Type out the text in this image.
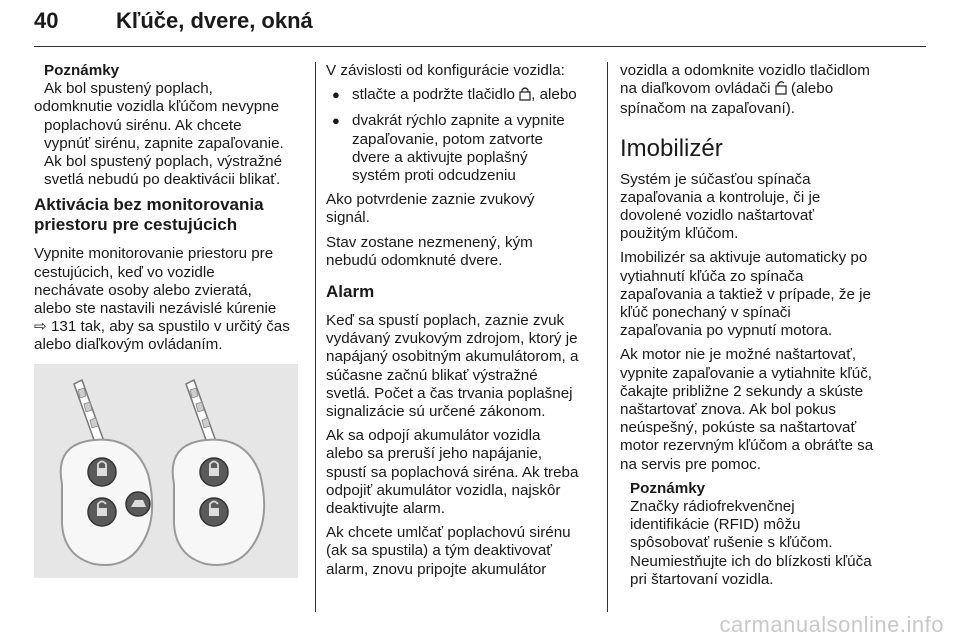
40	Kľúče, dvere, okná
Poznámky
Ak bol spustený poplach,
odomknutie vozidla kľúčom nevypne
poplachovú sirénu. Ak chcete
vypnúť sirénu, zapnite zapaľovanie.
Ak bol spustený poplach, výstražné
svetlá nebudú po deaktivácii blikať.
Aktivácia bez monitorovania
priestoru pre cestujúcich

Vypnite monitorovanie priestoru pre
cestujúcich, keď vo vozidle
nechávate osoby alebo zvieratá,
alebo ste nastavili nezávislé kúrenie
⇨ 131 tak, aby sa spustilo v určitý čas
alebo diaľkovým ovládaním.

V závislosti od konfigurácie vozidla:

● stlačte a podržte tlačidlo , alebo
● dvakrát rýchlo zapnite a vypnite
zapaľovanie, potom zatvorte
dvere a aktivujte poplašný
systém proti odcudzeniu

Ako potvrdenie zaznie zvukový
signál.

Stav zostane nezmenený, kým
nebudú odomknuté dvere.

Alarm

Keď sa spustí poplach, zaznie zvuk
vydávaný zvukovým zdrojom, ktorý je
napájaný osobitným akumulátorom, a
súčasne začnú blikať výstražné
svetlá. Počet a čas trvania poplašnej
signalizácie sú určené zákonom.

Ak sa odpojí akumulátor vozidla
alebo sa preruší jeho napájanie,
spustí sa poplachová siréna. Ak treba
odpojiť akumulátor vozidla, najskôr
deaktivujte alarm.

Ak chcete umlčať poplachovú sirénu
(ak sa spustila) a tým deaktivovať
alarm, znovu pripojte akumulátor

vozidla a odomknite vozidlo tlačidlom
na diaľkovom ovládači  (alebo
spínačom na zapaľovaní).

Imobilizér

Systém je súčasťou spínača
zapaľovania a kontroluje, či je
dovolené vozidlo naštartovať
použitým kľúčom.

Imobilizér sa aktivuje automaticky po
vytiahnutí kľúča zo spínača
zapaľovania a taktiež v prípade, že je
kľúč ponechaný v spínači
zapaľovania po vypnutí motora.

Ak motor nie je možné naštartovať,
vypnite zapaľovanie a vytiahnite kľúč,
čakajte približne 2 sekundy a skúste
naštartovať znova. Ak bol pokus
neúspešný, pokúste sa naštartovať
motor rezervným kľúčom a obráťte sa
na servis pre pomoc.

Poznámky
Značky rádiofrekvenčnej
identifikácie (RFID) môžu
spôsobovať rušenie s kľúčom.
Neumiestňujte ich do blízkosti kľúča
pri štartovaní vozidla.
carmanualsonline.info
